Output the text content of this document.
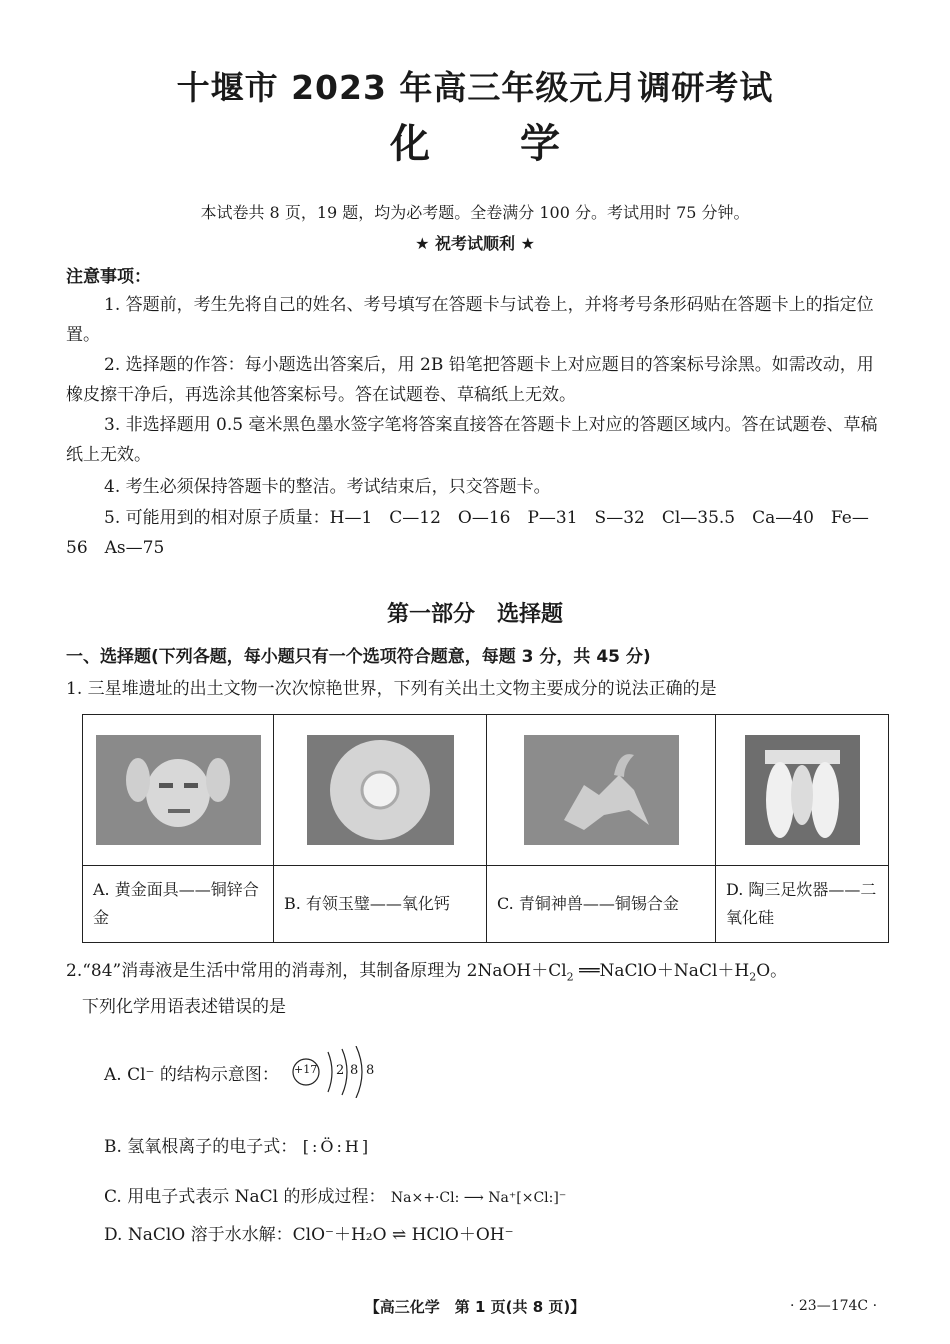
十堰市 2023 年高三年级元月调研考试
化学
本试卷共 8 页，19 题，均为必考题。全卷满分 100 分。考试用时 75 分钟。
★ 祝考试顺利 ★
注意事项：
1. 答题前，考生先将自己的姓名、考号填写在答题卡与试卷上，并将考号条形码贴在答题卡上的指定位置。
2. 选择题的作答：每小题选出答案后，用 2B 铅笔把答题卡上对应题目的答案标号涂黑。如需改动，用橡皮擦干净后，再选涂其他答案标号。答在试题卷、草稿纸上无效。
3. 非选择题用 0.5 毫米黑色墨水签字笔将答案直接答在答题卡上对应的答题区域内。答在试题卷、草稿纸上无效。
4. 考生必须保持答题卡的整洁。考试结束后，只交答题卡。
5. 可能用到的相对原子质量：H—1　C—12　O—16　P—31　S—32　Cl—35.5　Ca—40　Fe—56　As—75
第一部分　选择题
一、选择题(下列各题，每小题只有一个选项符合题意，每题 3 分，共 45 分)
1. 三星堆遗址的出土文物一次次惊艳世界，下列有关出土文物主要成分的说法正确的是

A. 黄金面具——铜锌合金	B. 有领玉璧——氧化钙	C. 青铜神兽——铜锡合金	D. 陶三足炊器——二氧化硅
2.“84”消毒液是生活中常用的消毒剂，其制备原理为 $2NaOH+Cl_2$ $══NaClO+NaCl+H_2O$。
下列化学用语表述错误的是
A. Cl⁻ 的结构示意图： +17 2 8 8
B. 氢氧根离子的电子式： [:Ö:H]
C. 用电子式表示 NaCl 的形成过程： Na×+·Cl: ⟶ Na⁺[×Cl:]⁻
D. NaClO 溶于水水解：ClO⁻＋H₂O ⇌ HClO＋OH⁻
【高三化学　第 1 页(共 8 页)】	· 23—174C ·
